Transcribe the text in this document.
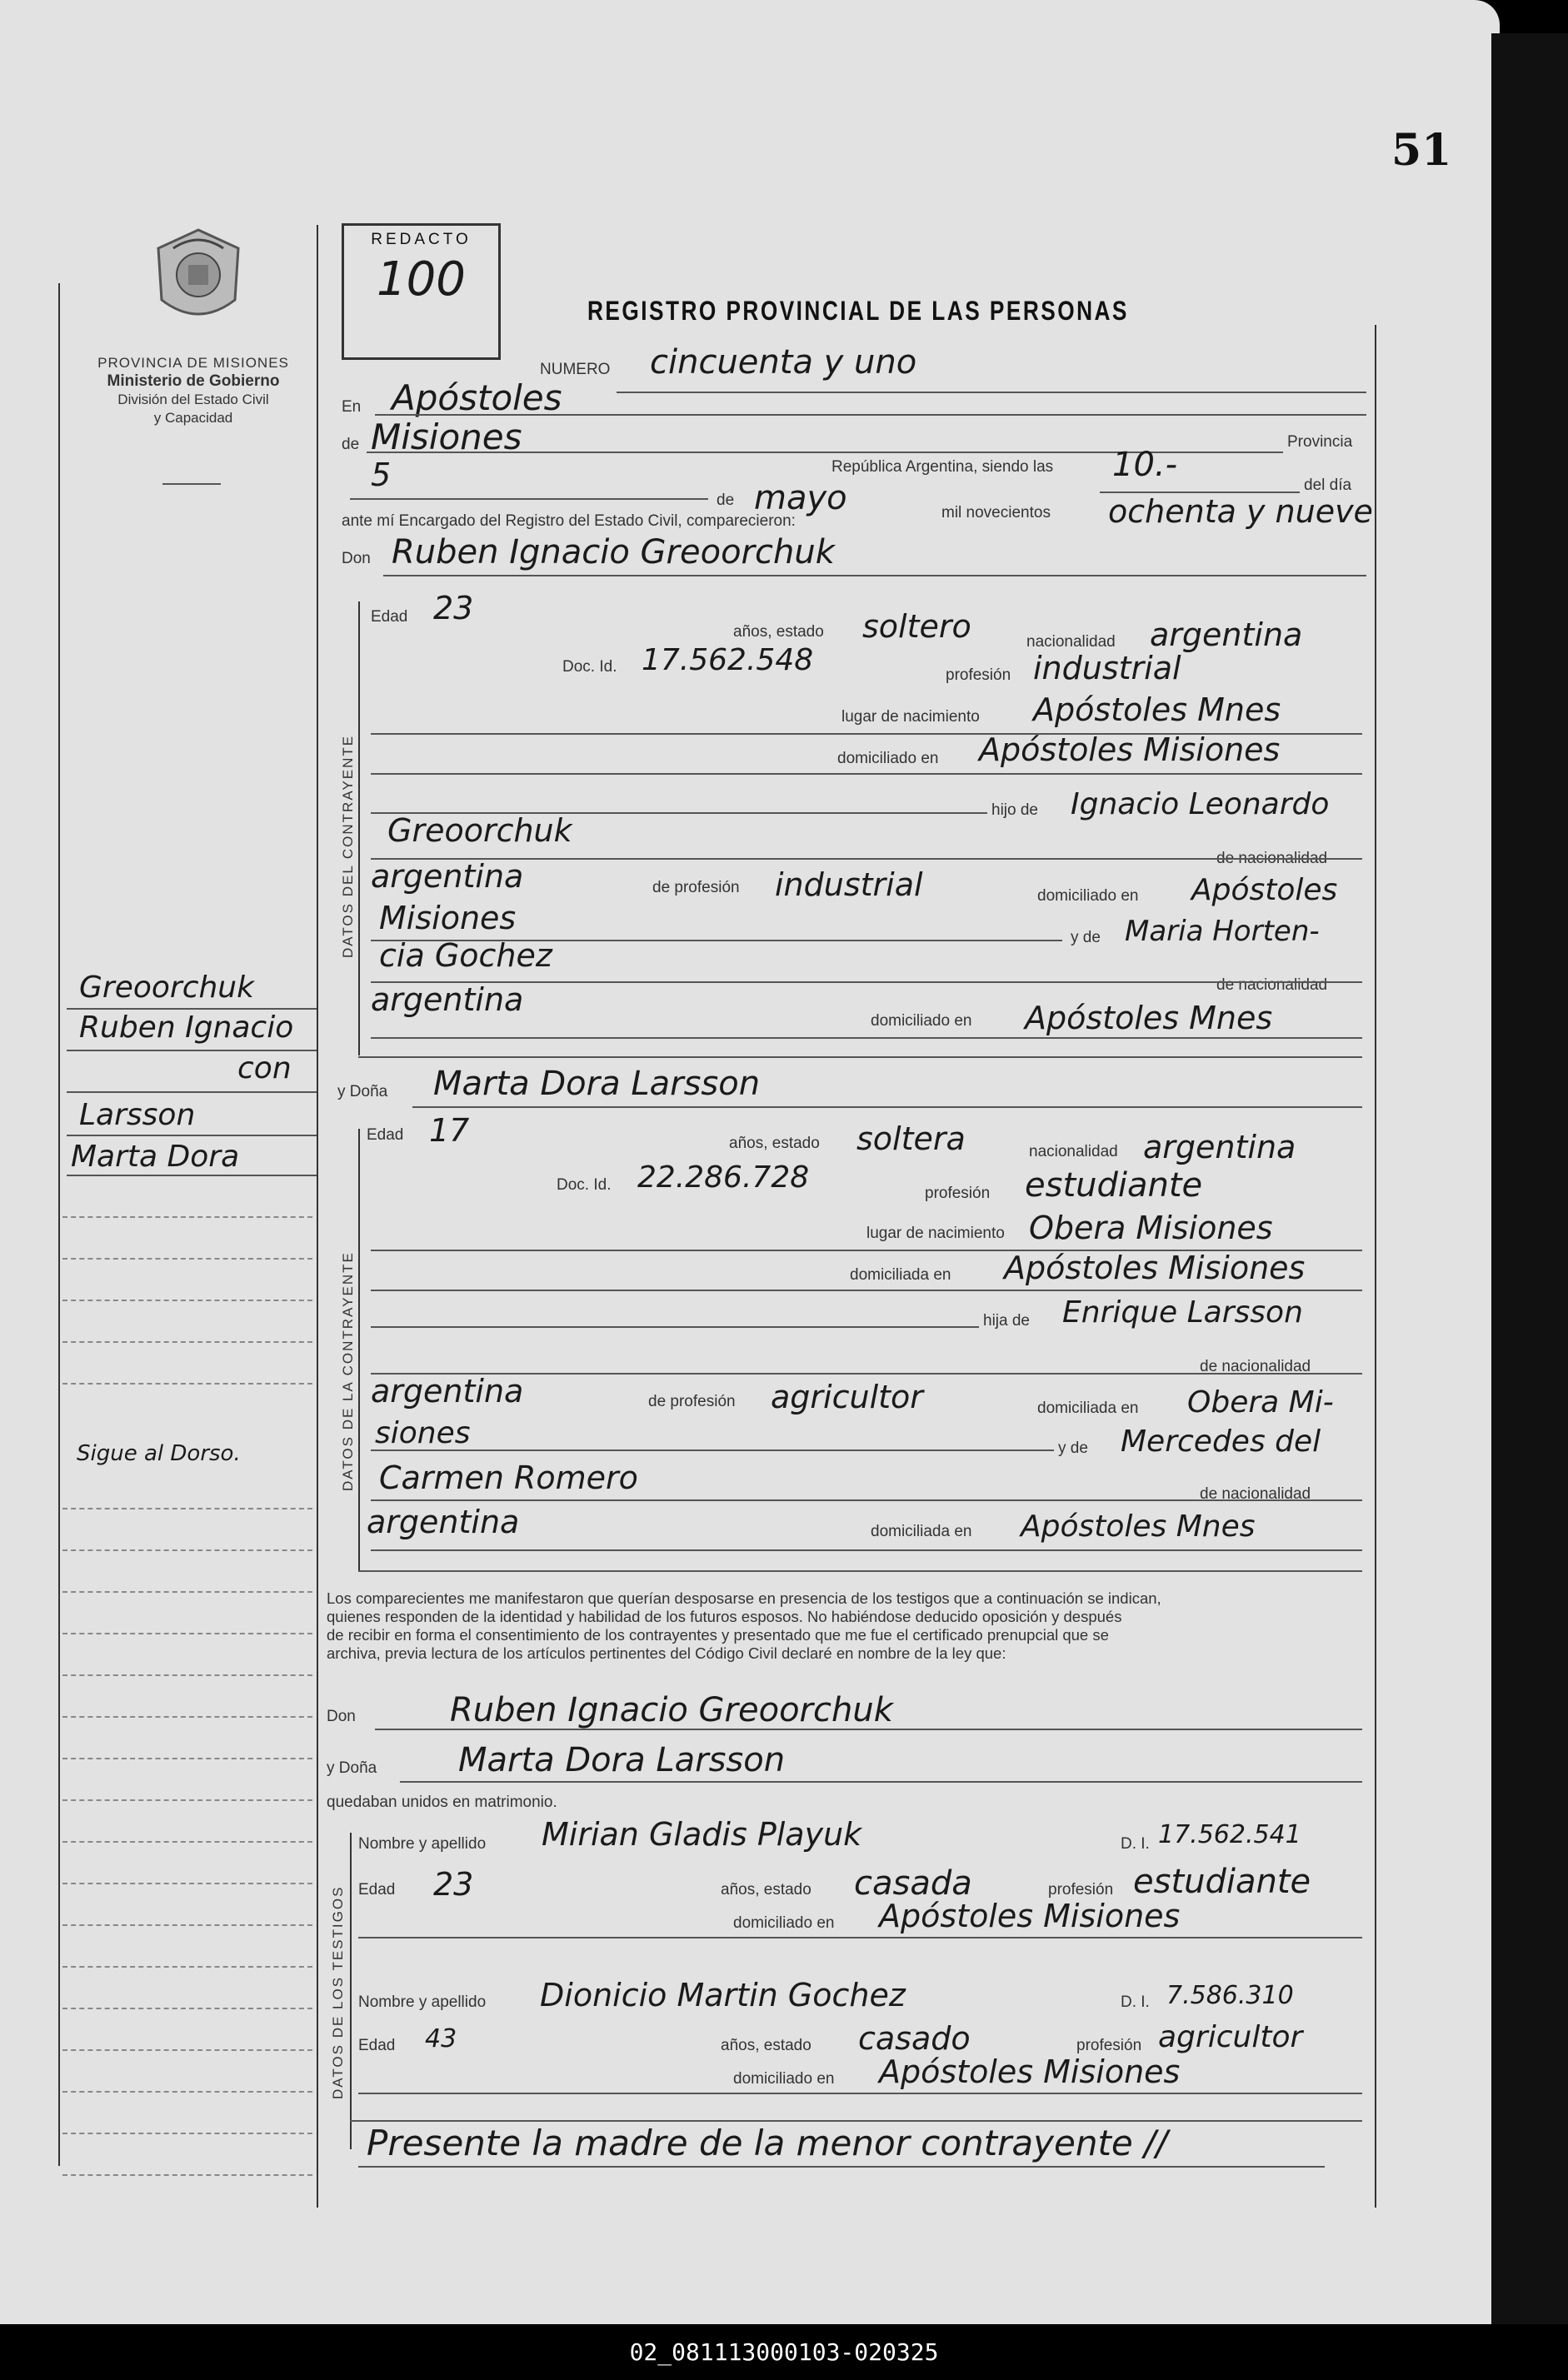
51
PROVINCIA DE MISIONES
Ministerio de Gobierno
División del Estado Civil
y Capacidad
REDACTO
100
REGISTRO PROVINCIAL DE LAS PERSONAS
NUMERO cincuenta y uno
En Apóstoles
de Misiones
República Argentina, siendo las
Provincia
10.-
del día
5
de mayo	mil novecientos ochenta y nueve
ante mí Encargado del Registro del Estado Civil, comparecieron:
Don Ruben Ignacio Greoorchuk
DATOS DEL CONTRAYENTE
Edad 23
años, estado soltero	nacionalidad argentina
Doc. Id. 17.562.548	profesión industrial
lugar de nacimiento Apóstoles Mnes
domiciliado en Apóstoles Misiones
hijo de Ignacio Leonardo
Greoorchuk
de nacionalidad
argentina	de profesión industrial	domiciliado en Apóstoles
Misiones
y de Maria Horten-
cia Gochez
de nacionalidad
argentina
domiciliado en Apóstoles Mnes
y Doña Marta Dora Larsson
DATOS DE LA CONTRAYENTE
Edad 17	años, estado soltera	nacionalidad argentina
Doc. Id. 22.286.728	profesión estudiante
lugar de nacimiento Obera Misiones
domiciliada en Apóstoles Misiones
hija de Enrique Larsson
de nacionalidad
argentina	de profesión agricultor	domiciliada en Obera Mi-
siones	y de Mercedes del
Carmen Romero	de nacionalidad
argentina	domiciliada en Apóstoles Mnes
Los comparecientes me manifestaron que querían desposarse en presencia de los testigos que a continuación se indican,
quienes responden de la identidad y habilidad de los futuros esposos. No habiéndose deducido oposición y después
de recibir en forma el consentimiento de los contrayentes y presentado que me fue el certificado prenupcial que se
archiva, previa lectura de los artículos pertinentes del Código Civil declaré en nombre de la ley que:
Don	Ruben Ignacio Greoorchuk
y Doña Marta Dora Larsson
quedaban unidos en matrimonio.
DATOS DE LOS TESTIGOS
Nombre y apellido Mirian Gladis Playuk	D. I. 17.562.541
Edad 23	años, estado casada	profesión estudiante
domiciliado en Apóstoles Misiones
Nombre y apellido Dionicio Martin Gochez	D. I. 7.586.310
Edad 43	años, estado casado	profesión agricultor
domiciliado en Apóstoles Misiones
Presente la madre de la menor contrayente //
Greoorchuk
Ruben Ignacio
con
Larsson
Marta Dora
Sigue al Dorso.
02_081113000103-020325
